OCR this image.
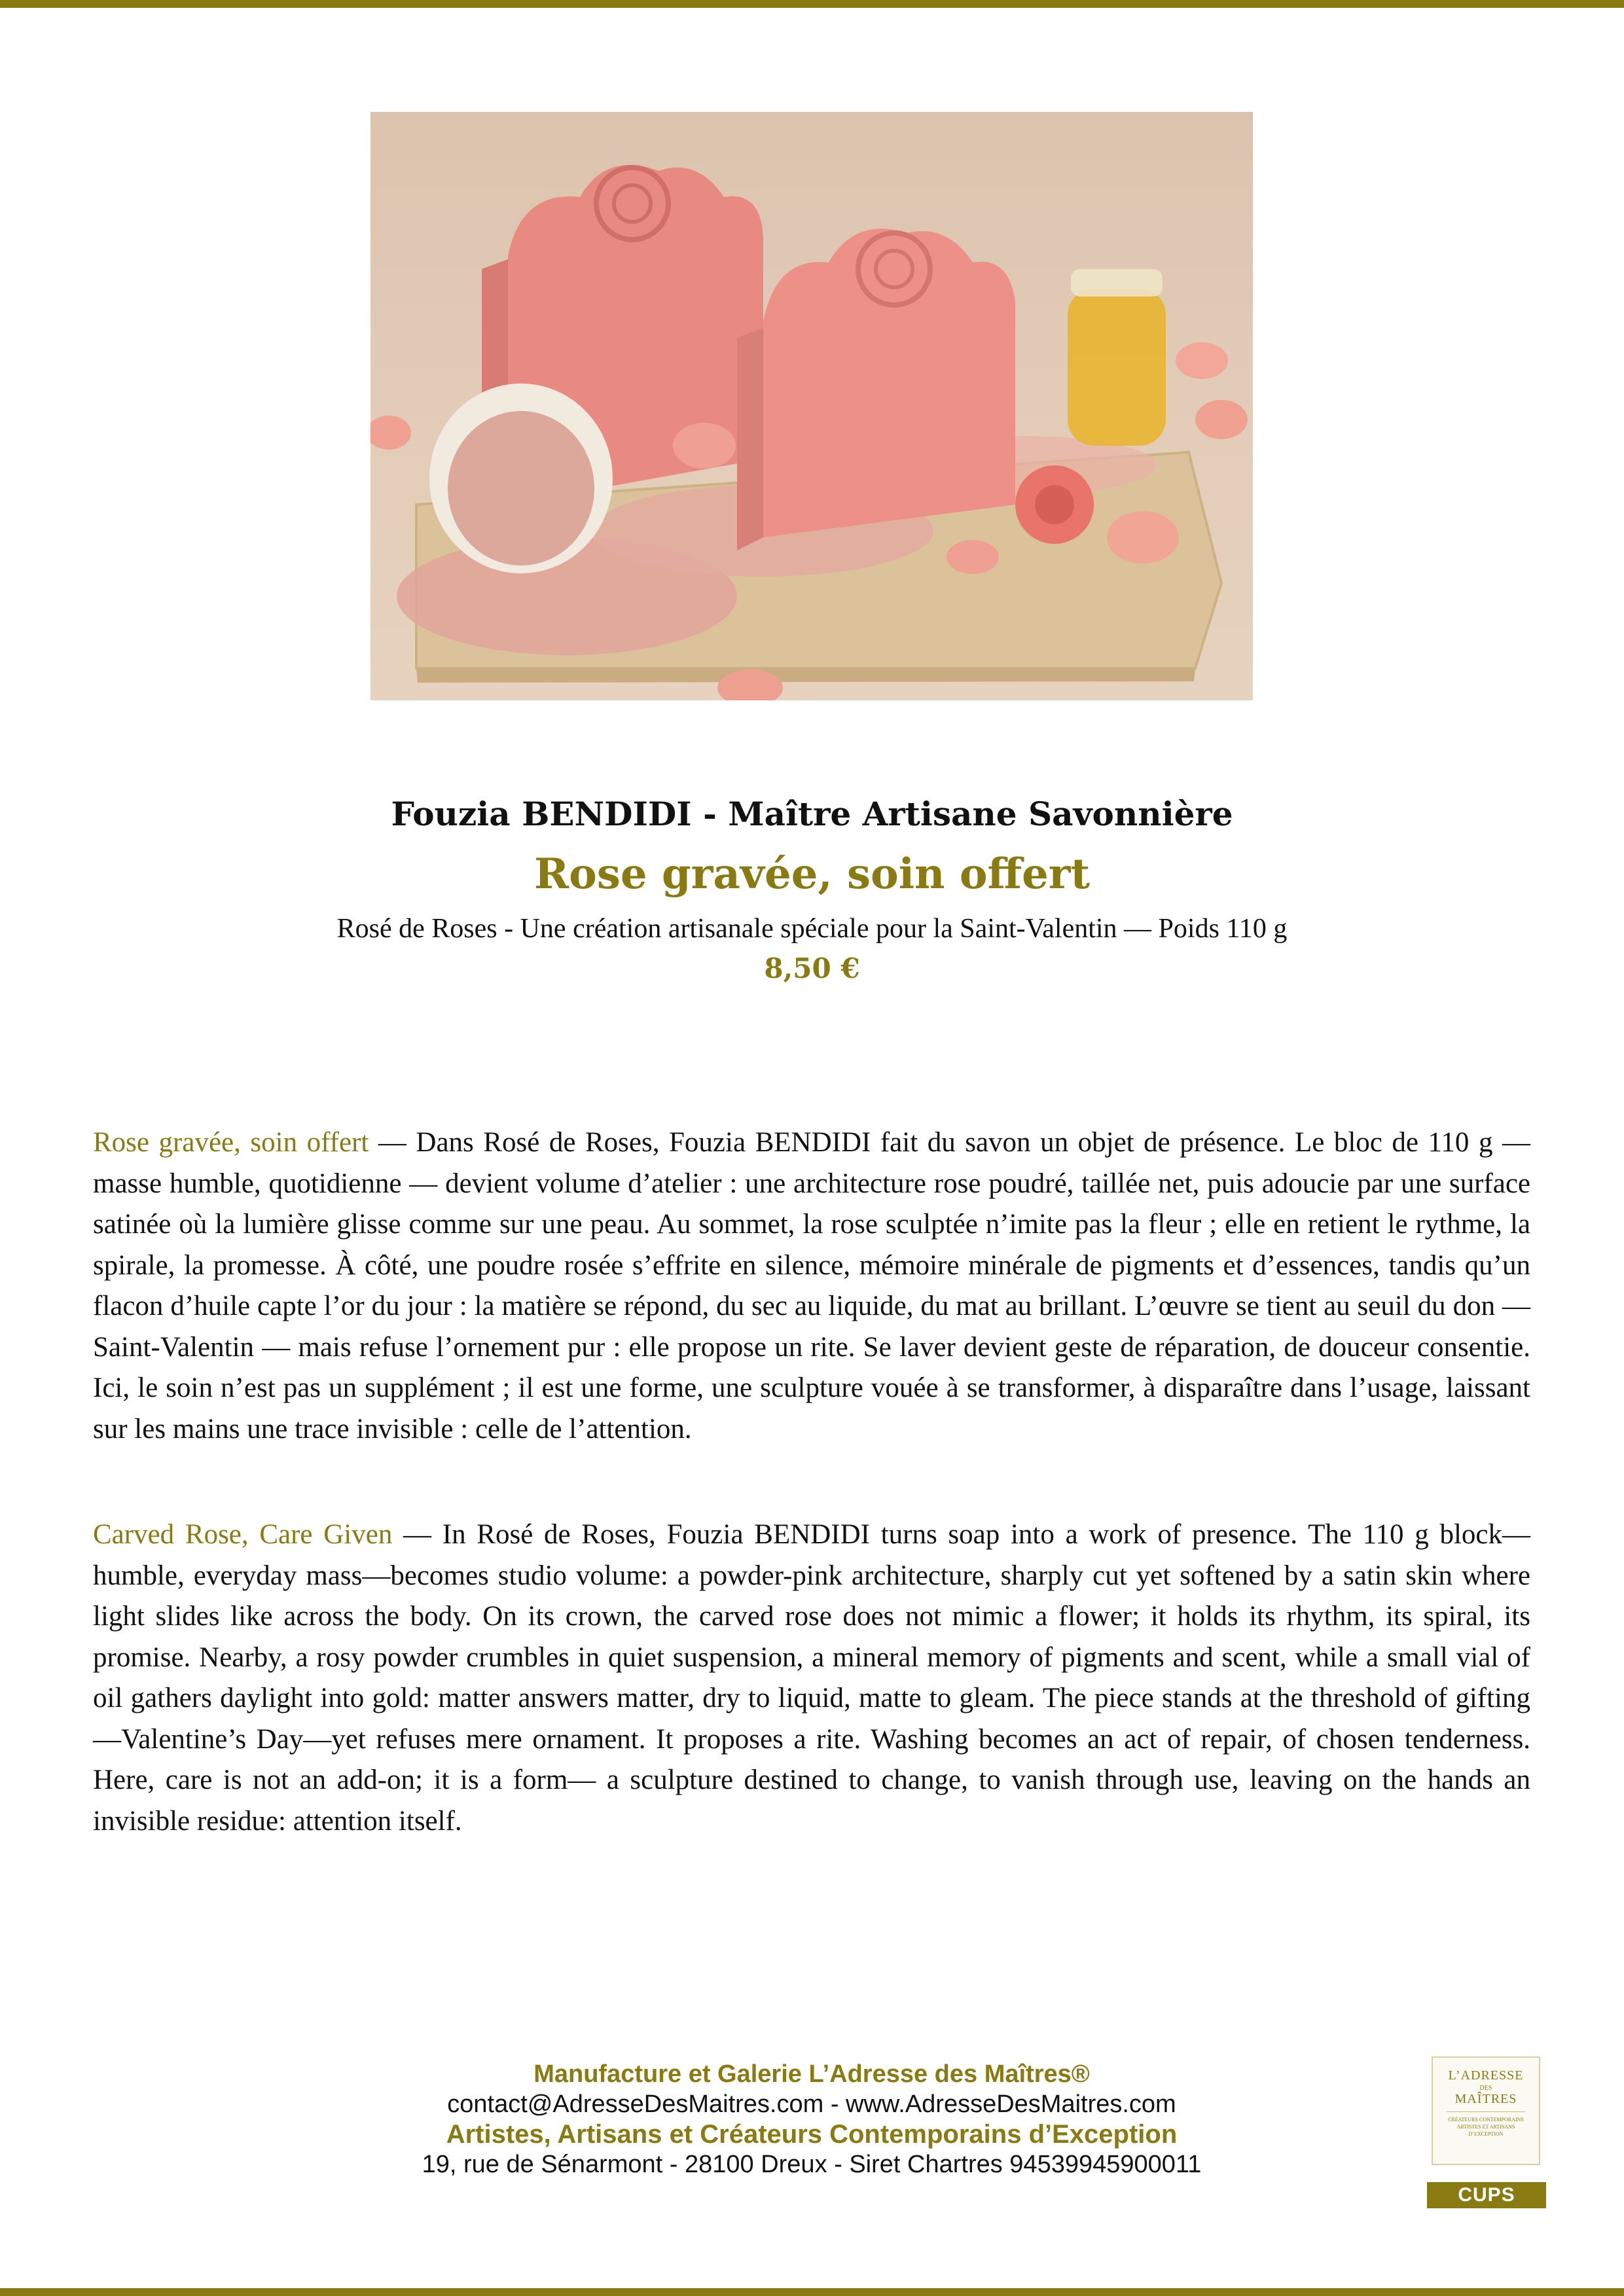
Fouzia BENDIDI - Maître Artisane Savonnière
Rose gravée, soin offert
Rosé de Roses - Une création artisanale spéciale pour la Saint-Valentin — Poids 110 g
8,50 €

Rose gravée, soin offert — Dans Rosé de Roses, Fouzia BENDIDI fait du savon un objet de présence. Le bloc de 110 g — masse humble, quotidienne — devient volume d’atelier : une architecture rose poudré, taillée net, puis adoucie par une surface satinée où la lumière glisse comme sur une peau. Au sommet, la rose sculptée n’imite pas la fleur ; elle en retient le rythme, la spirale, la promesse. À côté, une poudre rosée s’effrite en silence, mémoire minérale de pigments et d’essences, tandis qu’un flacon d’huile capte l’or du jour : la matière se répond, du sec au liquide, du mat au brillant. L’œuvre se tient au seuil du don — Saint-Valentin — mais refuse l’ornement pur : elle propose un rite. Se laver devient geste de réparation, de douceur consentie. Ici, le soin n’est pas un supplément ; il est une forme, une sculpture vouée à se transformer, à disparaître dans l’usage, laissant sur les mains une trace invisible : celle de l’attention.

Carved Rose, Care Given — In Rosé de Roses, Fouzia BENDIDI turns soap into a work of presence. The 110 g block—humble, everyday mass—becomes studio volume: a powder-pink architecture, sharply cut yet softened by a satin skin where light slides like across the body. On its crown, the carved rose does not mimic a flower; it holds its rhythm, its spiral, its promise. Nearby, a rosy powder crumbles in quiet suspension, a mineral memory of pigments and scent, while a small vial of oil gathers daylight into gold: matter answers matter, dry to liquid, matte to gleam. The piece stands at the threshold of gifting—Valentine’s Day—yet refuses mere ornament. It proposes a rite. Washing becomes an act of repair, of chosen tenderness. Here, care is not an add-on; it is a form— a sculpture destined to change, to vanish through use, leaving on the hands an invisible residue: attention itself.

Manufacture et Galerie L’Adresse des Maîtres®
contact@AdresseDesMaitres.com - www.AdresseDesMaitres.com
Artistes, Artisans et Créateurs Contemporains d’Exception
19, rue de Sénarmont - 28100 Dreux - Siret Chartres 94539945900011
L’ADRESSE
DES
MAÎTRES
CRÉATEURS CONTEMPORAINS ARTISTES ET ARTISANS D’EXCEPTION
CUPS
